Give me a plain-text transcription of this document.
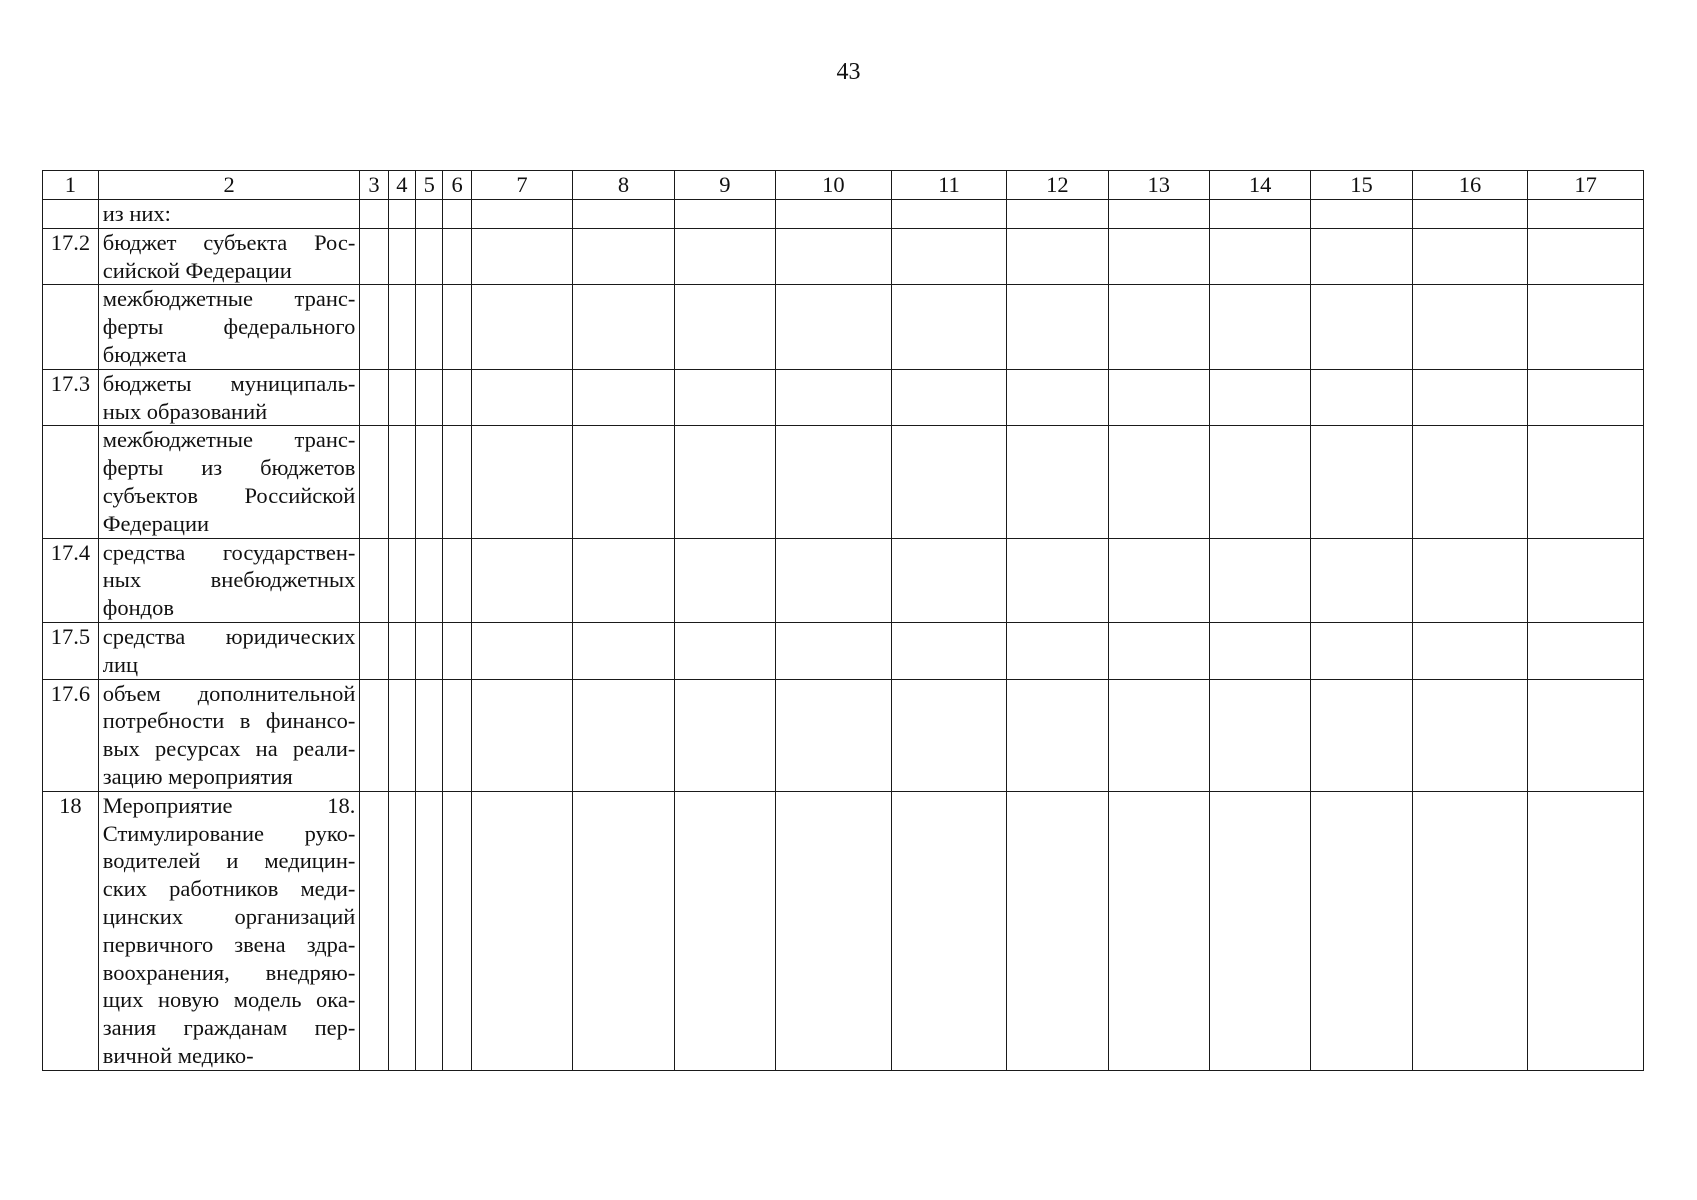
43
1	2	3	4	5	6	7	8	9	10	11	12	13	14	15	16	17
	из них:															
17.2	бюджет субъекта Рос-сийской Федерации															
	межбюджетные транс-ферты федерального бюджета															
17.3	бюджеты муниципаль-ных образований															
	межбюджетные транс-ферты из бюджетов субъектов Российской Федерации															
17.4	средства государствен-ных внебюджетных фондов															
17.5	средства юридических лиц															
17.6	объем дополнительной потребности в финансо-вых ресурсах на реали-зацию мероприятия															
18	Мероприятие 18. Стимулирование руко-водителей и медицин-ских работников меди-цинских организаций первичного звена здра-воохранения, внедряю-щих новую модель ока-зания гражданам пер-вичной медико-															
